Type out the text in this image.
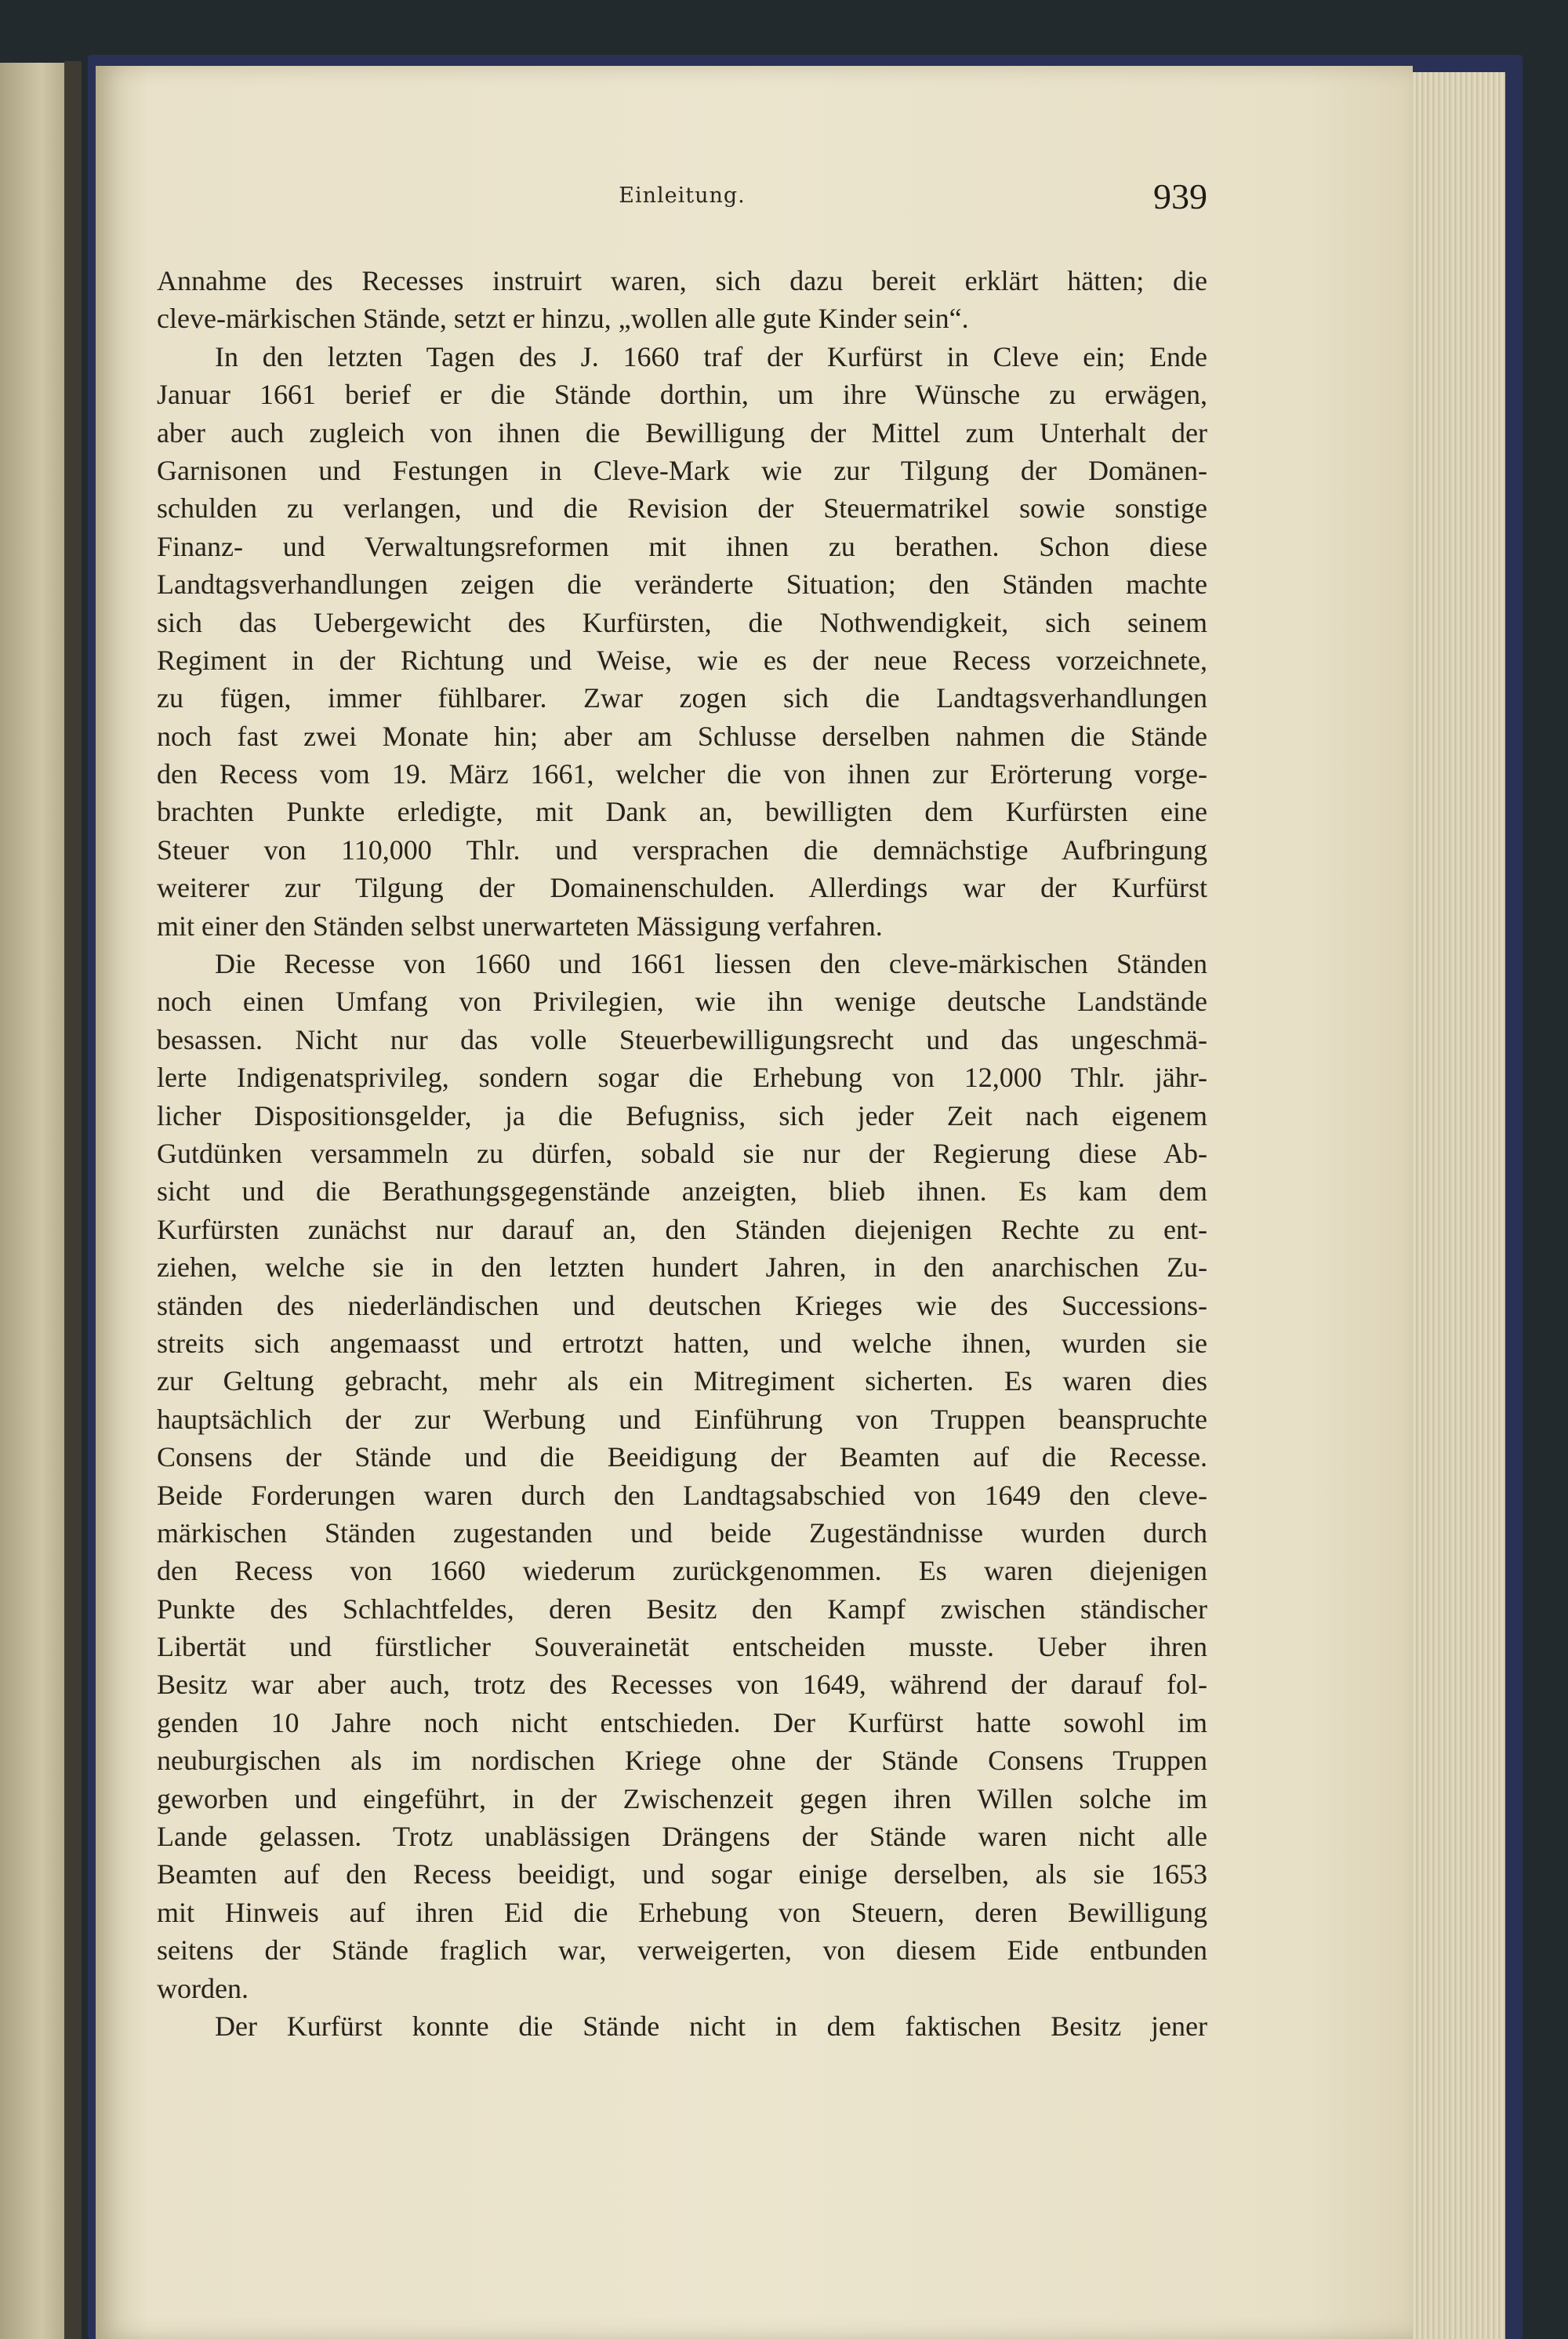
Einleitung.	939
Annahme des Recesses instruirt waren, sich dazu bereit erklärt hätten; die
cleve-märkischen Stände, setzt er hinzu, „wollen alle gute Kinder sein“.
In den letzten Tagen des J. 1660 traf der Kurfürst in Cleve ein; Ende
Januar 1661 berief er die Stände dorthin, um ihre Wünsche zu erwägen,
aber auch zugleich von ihnen die Bewilligung der Mittel zum Unterhalt der
Garnisonen und Festungen in Cleve-Mark wie zur Tilgung der Domänen-
schulden zu verlangen, und die Revision der Steuermatrikel sowie sonstige
Finanz- und Verwaltungsreformen mit ihnen zu berathen. Schon diese
Landtagsverhandlungen zeigen die veränderte Situation; den Ständen machte
sich das Uebergewicht des Kurfürsten, die Nothwendigkeit, sich seinem
Regiment in der Richtung und Weise, wie es der neue Recess vorzeichnete,
zu fügen, immer fühlbarer. Zwar zogen sich die Landtagsverhandlungen
noch fast zwei Monate hin; aber am Schlusse derselben nahmen die Stände
den Recess vom 19. März 1661, welcher die von ihnen zur Erörterung vorge-
brachten Punkte erledigte, mit Dank an, bewilligten dem Kurfürsten eine
Steuer von 110,000 Thlr. und versprachen die demnächstige Aufbringung
weiterer zur Tilgung der Domainenschulden. Allerdings war der Kurfürst
mit einer den Ständen selbst unerwarteten Mässigung verfahren.
Die Recesse von 1660 und 1661 liessen den cleve-märkischen Ständen
noch einen Umfang von Privilegien, wie ihn wenige deutsche Landstände
besassen. Nicht nur das volle Steuerbewilligungsrecht und das ungeschmä-
lerte Indigenatsprivileg, sondern sogar die Erhebung von 12,000 Thlr. jähr-
licher Dispositionsgelder, ja die Befugniss, sich jeder Zeit nach eigenem
Gutdünken versammeln zu dürfen, sobald sie nur der Regierung diese Ab-
sicht und die Berathungsgegenstände anzeigten, blieb ihnen. Es kam dem
Kurfürsten zunächst nur darauf an, den Ständen diejenigen Rechte zu ent-
ziehen, welche sie in den letzten hundert Jahren, in den anarchischen Zu-
ständen des niederländischen und deutschen Krieges wie des Successions-
streits sich angemaasst und ertrotzt hatten, und welche ihnen, wurden sie
zur Geltung gebracht, mehr als ein Mitregiment sicherten. Es waren dies
hauptsächlich der zur Werbung und Einführung von Truppen beanspruchte
Consens der Stände und die Beeidigung der Beamten auf die Recesse.
Beide Forderungen waren durch den Landtagsabschied von 1649 den cleve-
märkischen Ständen zugestanden und beide Zugeständnisse wurden durch
den Recess von 1660 wiederum zurückgenommen. Es waren diejenigen
Punkte des Schlachtfeldes, deren Besitz den Kampf zwischen ständischer
Libertät und fürstlicher Souverainetät entscheiden musste. Ueber ihren
Besitz war aber auch, trotz des Recesses von 1649, während der darauf fol-
genden 10 Jahre noch nicht entschieden. Der Kurfürst hatte sowohl im
neuburgischen als im nordischen Kriege ohne der Stände Consens Truppen
geworben und eingeführt, in der Zwischenzeit gegen ihren Willen solche im
Lande gelassen. Trotz unablässigen Drängens der Stände waren nicht alle
Beamten auf den Recess beeidigt, und sogar einige derselben, als sie 1653
mit Hinweis auf ihren Eid die Erhebung von Steuern, deren Bewilligung
seitens der Stände fraglich war, verweigerten, von diesem Eide entbunden
worden.
Der Kurfürst konnte die Stände nicht in dem faktischen Besitz jener
